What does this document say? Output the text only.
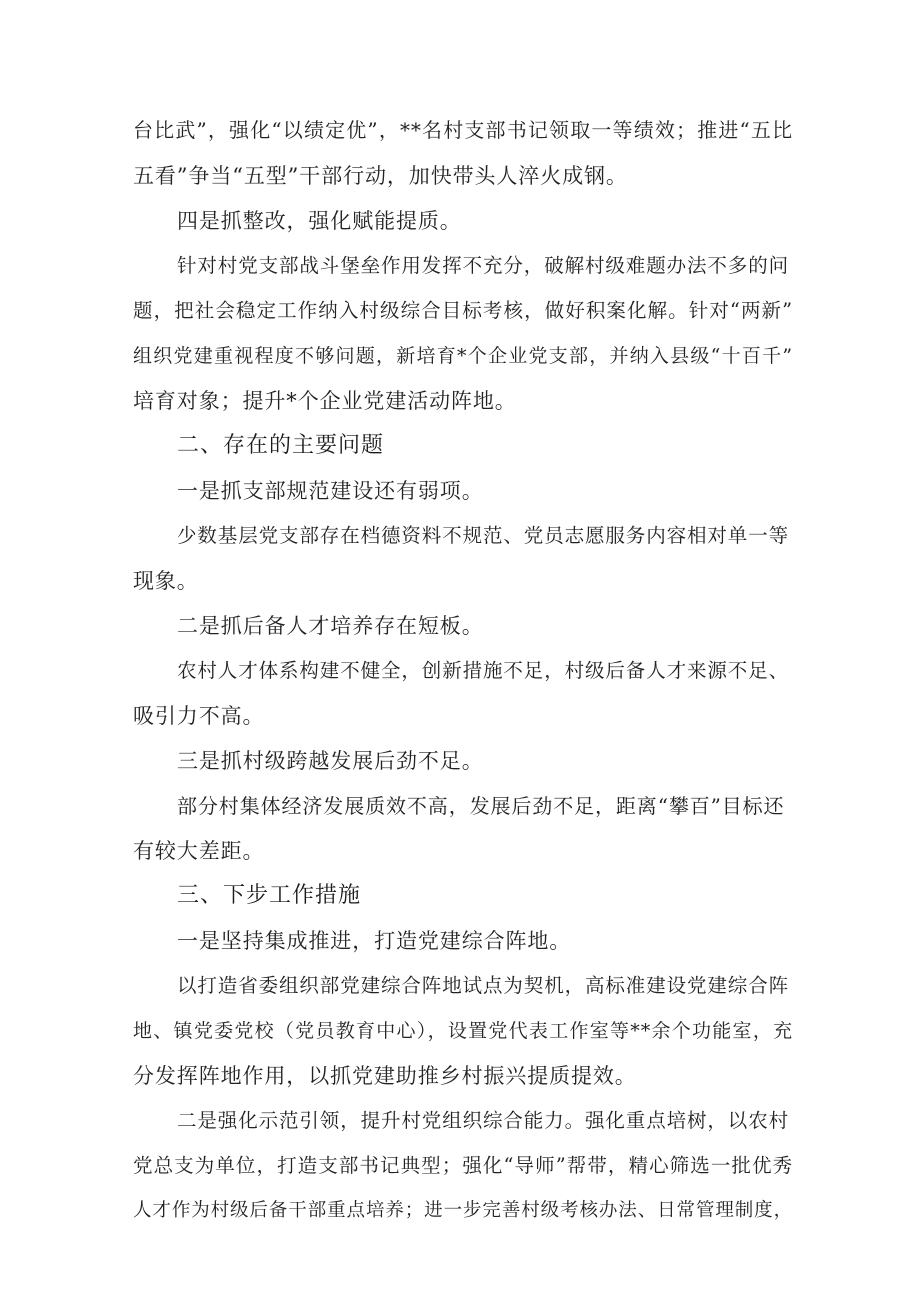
台比武”，强化“以绩定优”，**名村支部书记领取一等绩效；推进“五比
五看”争当“五型”干部行动，加快带头人淬火成钢。
四是抓整改，强化赋能提质。
针对村党支部战斗堡垒作用发挥不充分，破解村级难题办法不多的问
题，把社会稳定工作纳入村级综合目标考核，做好积案化解。针对“两新”
组织党建重视程度不够问题，新培育*个企业党支部，并纳入县级“十百千”
培育对象；提升*个企业党建活动阵地。
二、存在的主要问题
一是抓支部规范建设还有弱项。
少数基层党支部存在档德资料不规范、党员志愿服务内容相对单一等
现象。
二是抓后备人才培养存在短板。
农村人才体系构建不健全，创新措施不足，村级后备人才来源不足、
吸引力不高。
三是抓村级跨越发展后劲不足。
部分村集体经济发展质效不高，发展后劲不足，距离“攀百”目标还
有较大差距。
三、下步工作措施
一是坚持集成推进，打造党建综合阵地。
以打造省委组织部党建综合阵地试点为契机，高标准建设党建综合阵
地、镇党委党校（党员教育中心），设置党代表工作室等**余个功能室，充
分发挥阵地作用，以抓党建助推乡村振兴提质提效。
二是强化示范引领，提升村党组织综合能力。强化重点培树，以农村
党总支为单位，打造支部书记典型；强化“导师”帮带，精心筛选一批优秀
人才作为村级后备干部重点培养；进一步完善村级考核办法、日常管理制度，
